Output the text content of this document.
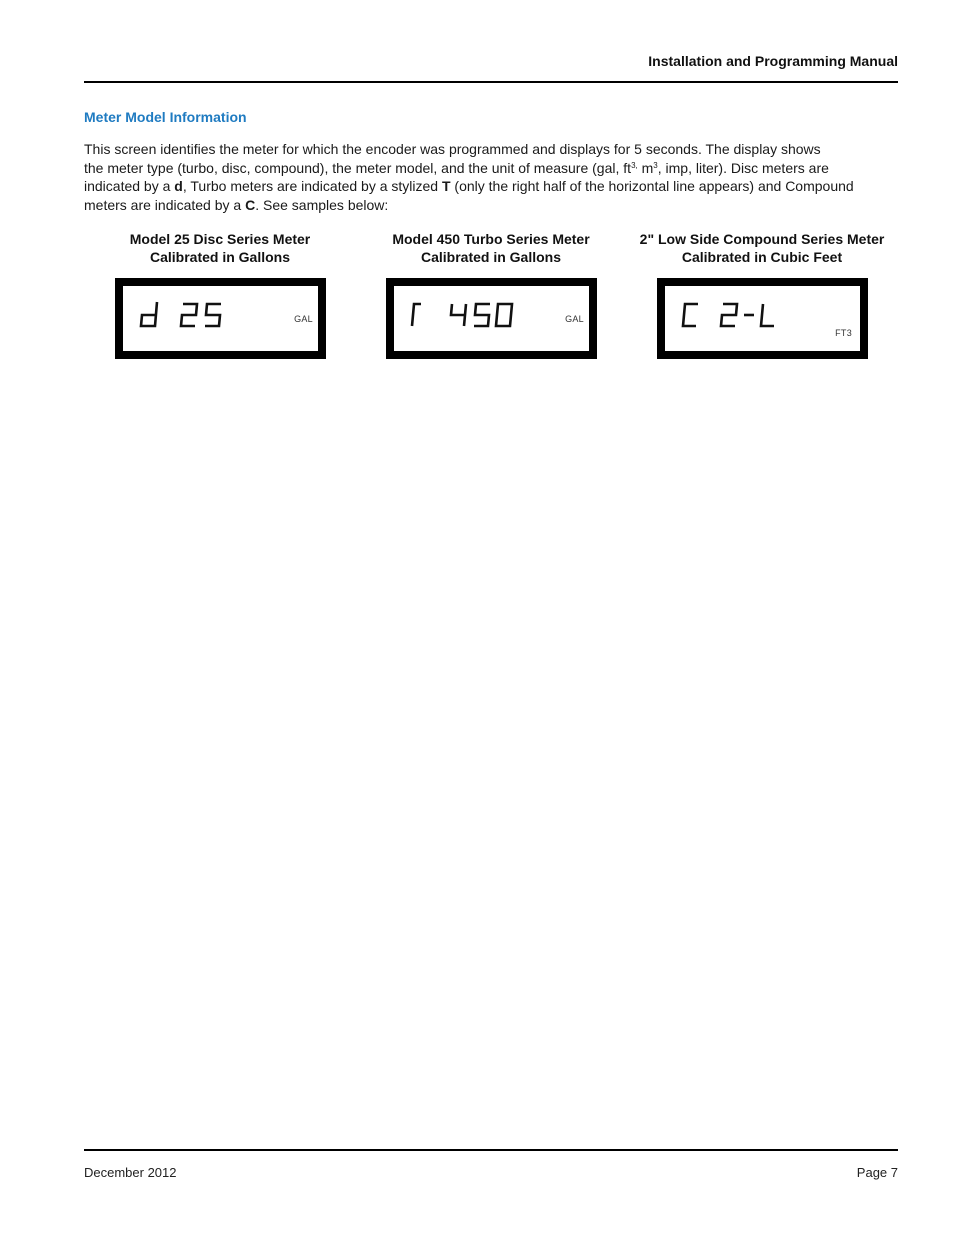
Installation and Programming Manual
Meter Model Information
This screen identifies the meter for which the encoder was programmed and displays for 5 seconds. The display shows
the meter type (turbo, disc, compound), the meter model, and the unit of measure (gal, $ft^{3,}$ $m^3$, imp, liter). Disc meters are
indicated by a d, Turbo meters are indicated by a stylized T (only the right half of the horizontal line appears) and Compound
meters are indicated by a C. See samples below:
Model 25 Disc Series Meter
Calibrated in Gallons
GAL
Model 450 Turbo Series Meter
Calibrated in Gallons
GAL
2" Low Side Compound Series Meter
Calibrated in Cubic Feet
FT3
December 2012	Page 7
